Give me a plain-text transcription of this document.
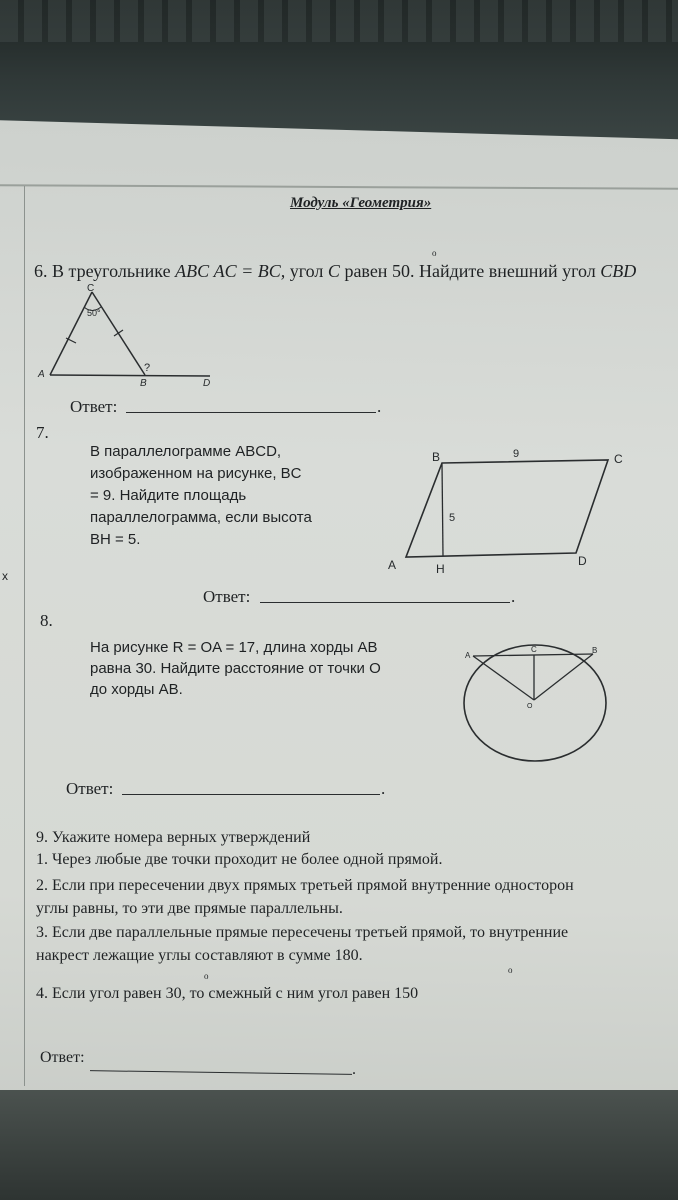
Модуль «Геометрия»
6. В треугольнике ABC AC = BC, угол C равен 50. Найдите внешний угол CBD
o
C
50°
A
B	D
?
Ответ:	.
7.
В параллелограмме ABCD,
изображенном на рисунке, BC
= 9. Найдите площадь
параллелограмма, если высота
BH = 5.
B	C
A	D
H
9
5
Ответ:	.
x
8.
На рисунке R = OA = 17, длина хорды AB
равна 30. Найдите расстояние от точки O
до хорды AB.
A
B
C
O
Ответ:	.
9. Укажите номера верных утверждений
1. Через любые две точки проходит не более одной прямой.
2. Если при пересечении двух прямых третьей прямой внутренние односторон
углы равны, то эти две прямые параллельны.
3. Если две параллельные прямые пересечены третьей прямой, то внутренние
накрест лежащие углы составляют в сумме 180.
4. Если угол равен 30, то смежный с ним угол равен 150
o
o
Ответ:
.
